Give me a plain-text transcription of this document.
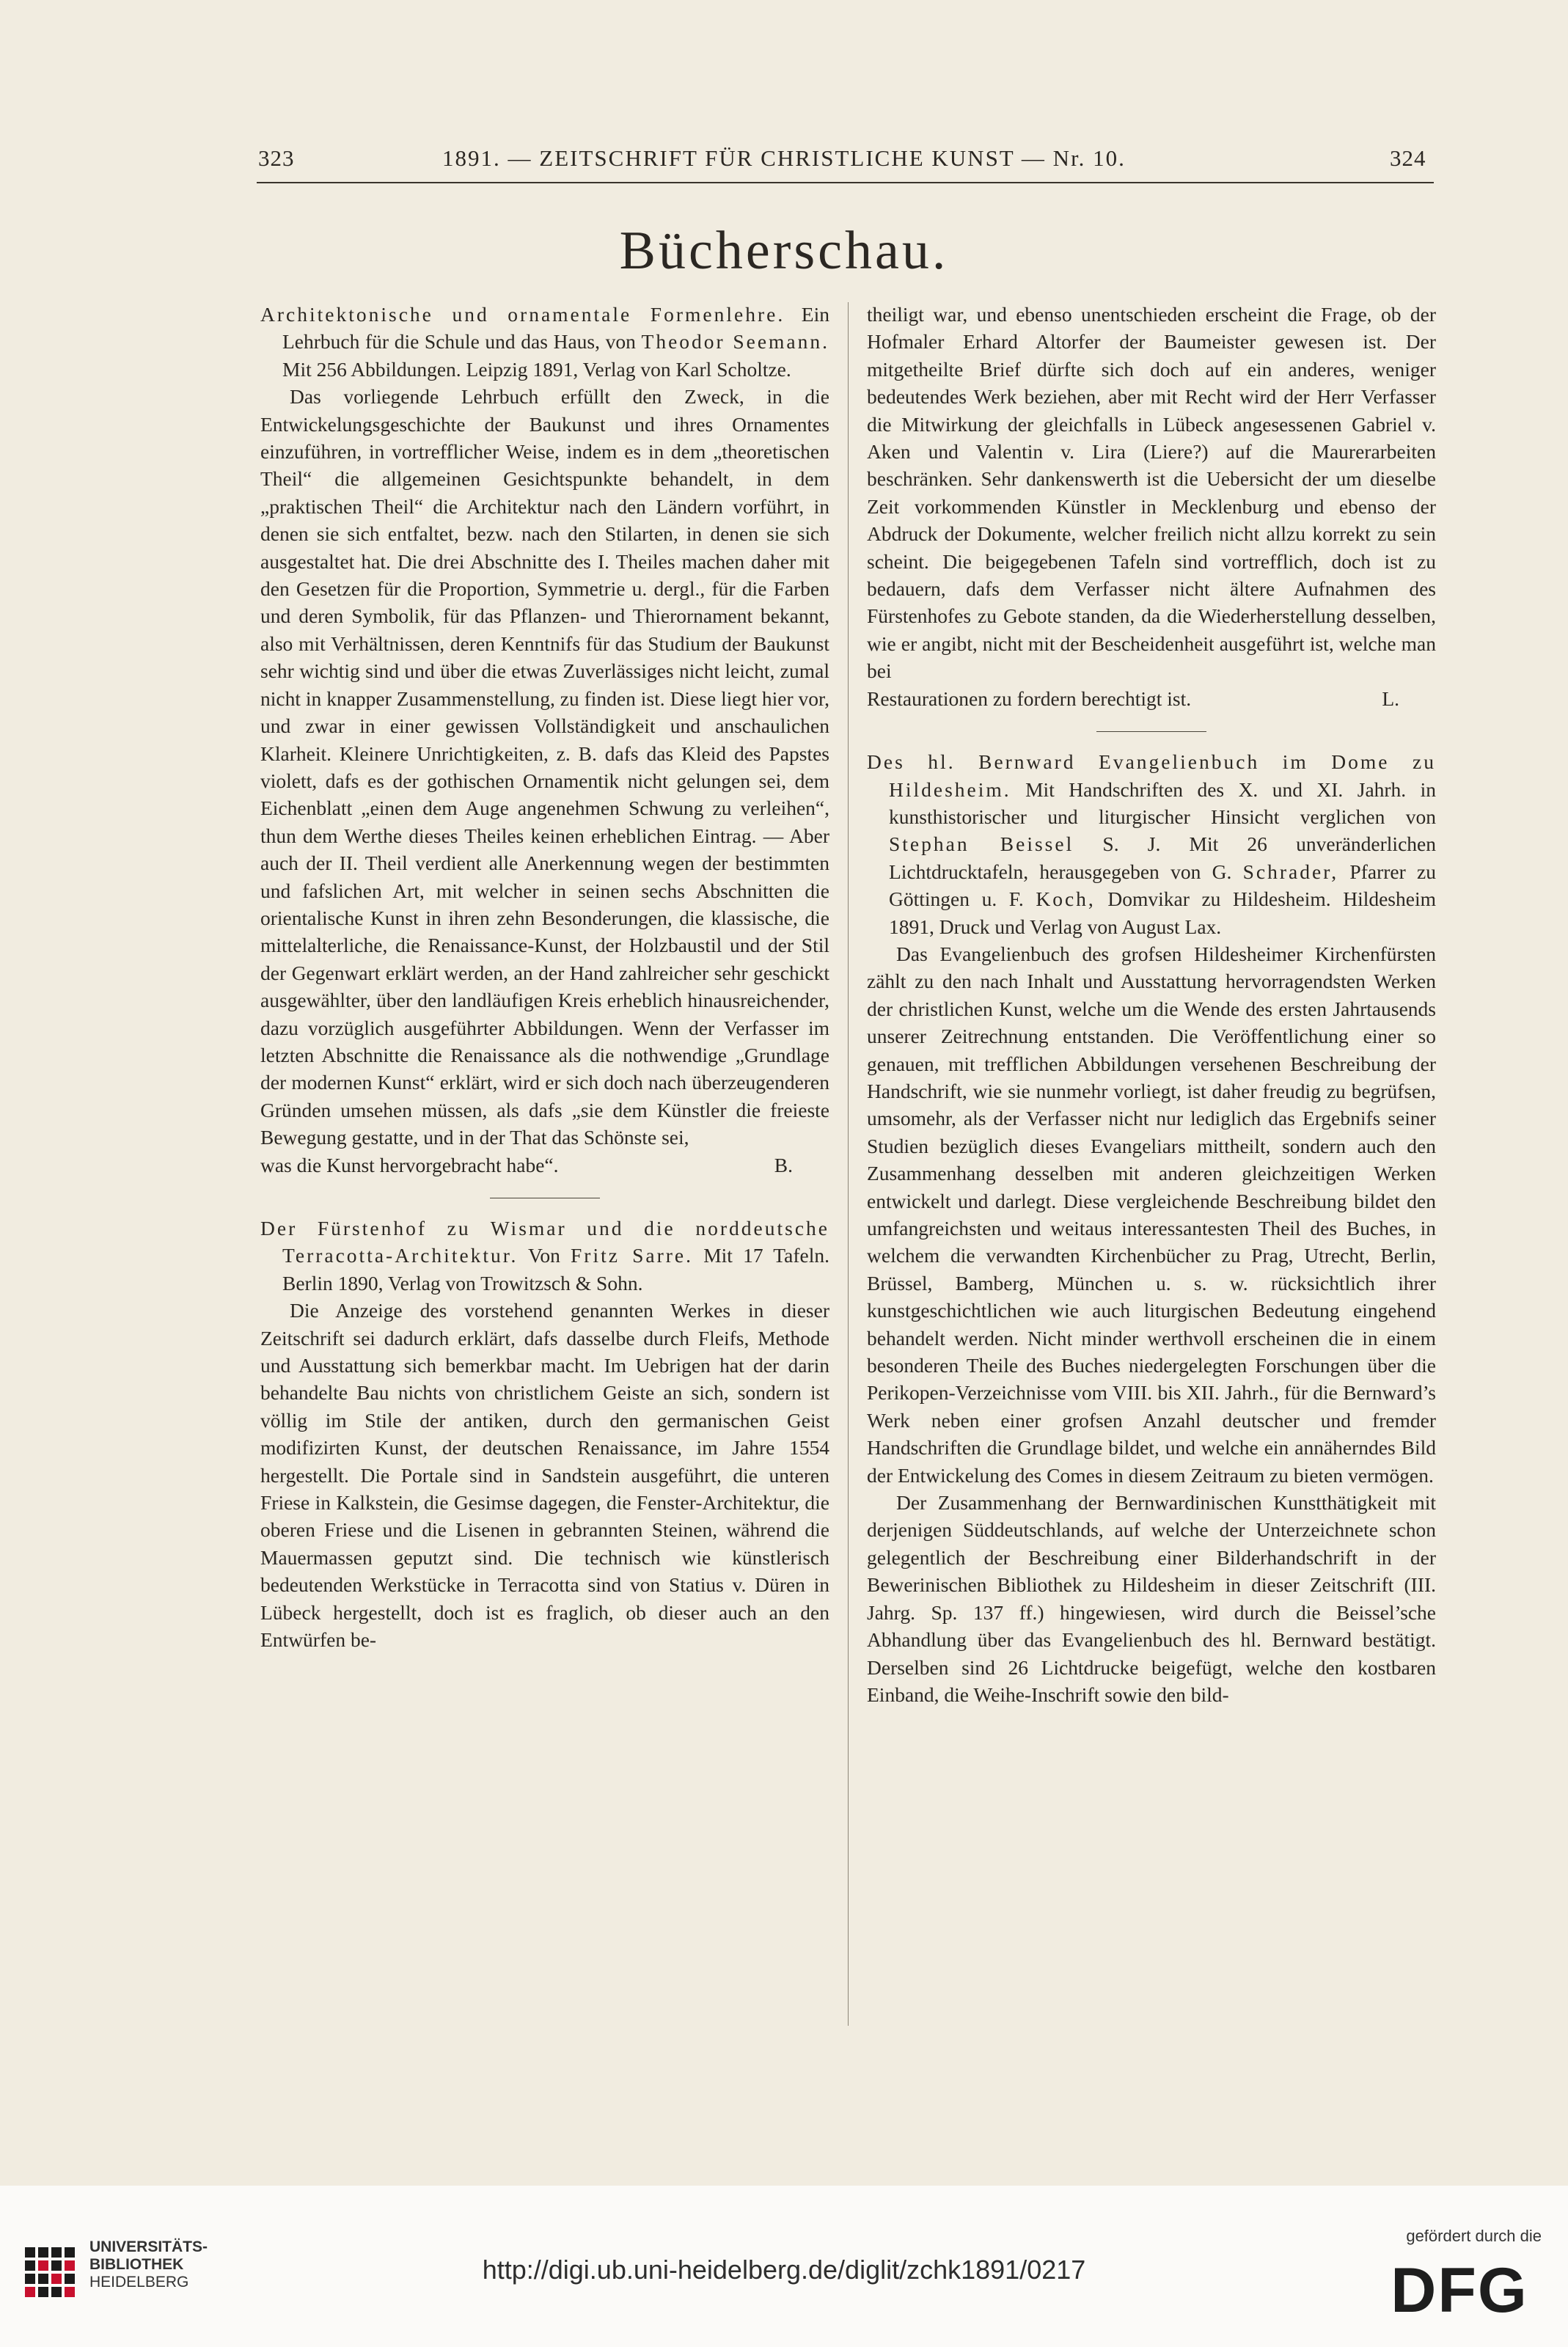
323	1891. — ZEITSCHRIFT FÜR CHRISTLICHE KUNST — Nr. 10.	324
Bücherschau.

Architektonische und ornamentale Formenlehre. Ein Lehrbuch für die Schule und das Haus, von Theodor Seemann. Mit 256 Abbildungen. Leipzig 1891, Verlag von Karl Scholtze.

Das vorliegende Lehrbuch erfüllt den Zweck, in die Entwickelungsgeschichte der Baukunst und ihres Ornamentes einzuführen, in vortrefflicher Weise, indem es in dem „theoretischen Theil“ die allgemeinen Gesichtspunkte behandelt, in dem „praktischen Theil“ die Architektur nach den Ländern vorführt, in denen sie sich entfaltet, bezw. nach den Stilarten, in denen sie sich ausgestaltet hat. Die drei Abschnitte des I. Theiles machen daher mit den Gesetzen für die Proportion, Symmetrie u. dergl., für die Farben und deren Symbolik, für das Pflanzen- und Thierornament bekannt, also mit Verhältnissen, deren Kenntnifs für das Studium der Baukunst sehr wichtig sind und über die etwas Zuverlässiges nicht leicht, zumal nicht in knapper Zusammenstellung, zu finden ist. Diese liegt hier vor, und zwar in einer gewissen Vollständigkeit und anschaulichen Klarheit. Kleinere Unrichtigkeiten, z. B. dafs das Kleid des Papstes violett, dafs es der gothischen Ornamentik nicht gelungen sei, dem Eichenblatt „einen dem Auge angenehmen Schwung zu verleihen“, thun dem Werthe dieses Theiles keinen erheblichen Eintrag. — Aber auch der II. Theil verdient alle Anerkennung wegen der bestimmten und fafslichen Art, mit welcher in seinen sechs Abschnitten die orientalische Kunst in ihren zehn Besonderungen, die klassische, die mittelalterliche, die Renaissance-Kunst, der Holzbaustil und der Stil der Gegenwart erklärt werden, an der Hand zahlreicher sehr geschickt ausgewählter, über den landläufigen Kreis erheblich hinausreichender, dazu vorzüglich ausgeführter Abbildungen. Wenn der Verfasser im letzten Abschnitte die Renaissance als die nothwendige „Grundlage der modernen Kunst“ erklärt, wird er sich doch nach überzeugenderen Gründen umsehen müssen, als dafs „sie dem Künstler die freieste Bewegung gestatte, und in der That das Schönste sei,

was die Kunst hervorgebracht habe“.	B.

Der Fürstenhof zu Wismar und die norddeutsche Terracotta-Architektur. Von Fritz Sarre. Mit 17 Tafeln. Berlin 1890, Verlag von Trowitzsch & Sohn.

Die Anzeige des vorstehend genannten Werkes in dieser Zeitschrift sei dadurch erklärt, dafs dasselbe durch Fleifs, Methode und Ausstattung sich bemerkbar macht. Im Uebrigen hat der darin behandelte Bau nichts von christlichem Geiste an sich, sondern ist völlig im Stile der antiken, durch den germanischen Geist modifizirten Kunst, der deutschen Renaissance, im Jahre 1554 hergestellt. Die Portale sind in Sandstein ausgeführt, die unteren Friese in Kalkstein, die Gesimse dagegen, die Fenster-Architektur, die oberen Friese und die Lisenen in gebrannten Steinen, während die Mauermassen geputzt sind. Die technisch wie künstlerisch bedeutenden Werkstücke in Terracotta sind von Statius v. Düren in Lübeck hergestellt, doch ist es fraglich, ob dieser auch an den Entwürfen be-

theiligt war, und ebenso unentschieden erscheint die Frage, ob der Hofmaler Erhard Altorfer der Baumeister gewesen ist. Der mitgetheilte Brief dürfte sich doch auf ein anderes, weniger bedeutendes Werk beziehen, aber mit Recht wird der Herr Verfasser die Mitwirkung der gleichfalls in Lübeck angesessenen Gabriel v. Aken und Valentin v. Lira (Liere?) auf die Maurerarbeiten beschränken. Sehr dankenswerth ist die Uebersicht der um dieselbe Zeit vorkommenden Künstler in Mecklenburg und ebenso der Abdruck der Dokumente, welcher freilich nicht allzu korrekt zu sein scheint. Die beigegebenen Tafeln sind vortrefflich, doch ist zu bedauern, dafs dem Verfasser nicht ältere Aufnahmen des Fürstenhofes zu Gebote standen, da die Wiederherstellung desselben, wie er angibt, nicht mit der Bescheidenheit ausgeführt ist, welche man bei

Restaurationen zu fordern berechtigt ist.	L.

Des hl. Bernward Evangelienbuch im Dome zu Hildesheim. Mit Handschriften des X. und XI. Jahrh. in kunsthistorischer und liturgischer Hinsicht verglichen von Stephan Beissel S. J. Mit 26 unveränderlichen Lichtdrucktafeln, herausgegeben von G. Schrader, Pfarrer zu Göttingen u. F. Koch, Domvikar zu Hildesheim. Hildesheim 1891, Druck und Verlag von August Lax.

Das Evangelienbuch des grofsen Hildesheimer Kirchenfürsten zählt zu den nach Inhalt und Ausstattung hervorragendsten Werken der christlichen Kunst, welche um die Wende des ersten Jahrtausends unserer Zeitrechnung entstanden. Die Veröffentlichung einer so genauen, mit trefflichen Abbildungen versehenen Beschreibung der Handschrift, wie sie nunmehr vorliegt, ist daher freudig zu begrüfsen, umsomehr, als der Verfasser nicht nur lediglich das Ergebnifs seiner Studien bezüglich dieses Evangeliars mittheilt, sondern auch den Zusammenhang desselben mit anderen gleichzeitigen Werken entwickelt und darlegt. Diese vergleichende Beschreibung bildet den umfangreichsten und weitaus interessantesten Theil des Buches, in welchem die verwandten Kirchenbücher zu Prag, Utrecht, Berlin, Brüssel, Bamberg, München u. s. w. rücksichtlich ihrer kunstgeschichtlichen wie auch liturgischen Bedeutung eingehend behandelt werden. Nicht minder werthvoll erscheinen die in einem besonderen Theile des Buches niedergelegten Forschungen über die Perikopen-Verzeichnisse vom VIII. bis XII. Jahrh., für die Bernward’s Werk neben einer grofsen Anzahl deutscher und fremder Handschriften die Grundlage bildet, und welche ein annäherndes Bild der Entwickelung des Comes in diesem Zeitraum zu bieten vermögen.

Der Zusammenhang der Bernwardinischen Kunstthätigkeit mit derjenigen Süddeutschlands, auf welche der Unterzeichnete schon gelegentlich der Beschreibung einer Bilderhandschrift in der Bewerinischen Bibliothek zu Hildesheim in dieser Zeitschrift (III. Jahrg. Sp. 137 ff.) hingewiesen, wird durch die Beissel’sche Abhandlung über das Evangelienbuch des hl. Bernward bestätigt. Derselben sind 26 Lichtdrucke beigefügt, welche den kostbaren Einband, die Weihe-Inschrift sowie den bild-

UNIVERSITÄTS-
BIBLIOTHEK
HEIDELBERG	http://digi.ub.uni-heidelberg.de/diglit/zchk1891/0217
gefördert durch die
DFG
